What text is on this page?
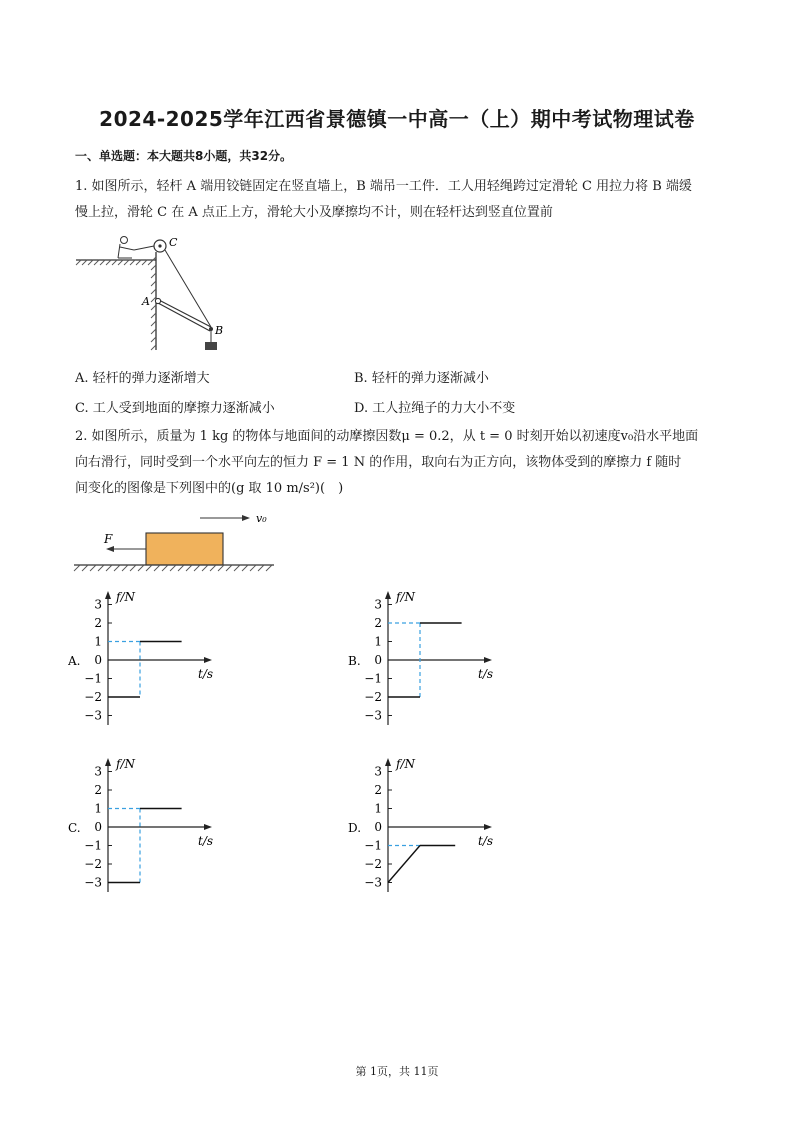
2024-2025学年江西省景德镇一中高一（上）期中考试物理试卷
一、单选题：本大题共8小题，共32分。
1. 如图所示，轻杆 A 端用铰链固定在竖直墙上，B 端吊一工件．工人用轻绳跨过定滑轮 C 用拉力将 B 端缓
慢上拉，滑轮 C 在 A 点正上方，滑轮大小及摩擦均不计，则在轻杆达到竖直位置前
C
A
B
A. 轻杆的弹力逐渐增大	B. 轻杆的弹力逐渐减小
C. 工人受到地面的摩擦力逐渐减小	D. 工人拉绳子的力大小不变
2. 如图所示，质量为 1 kg 的物体与地面间的动摩擦因数μ = 0.2，从 t = 0 时刻开始以初速度v₀沿水平地面
向右滑行，同时受到一个水平向左的恒力 F = 1 N 的作用，取向右为正方向，该物体受到的摩擦力 f 随时
间变化的图像是下列图中的(g 取 10 m/s²)(　)
v₀
F
A.
f/N
t/s
3
2
1
0
−1
−2
−3
B.
f/N
t/s
3
2
1
0
−1
−2
−3
C.
f/N
t/s
3
2
1
0
−1
−2
−3
D.
f/N
t/s
3
2
1
0
−1
−2
−3
第 1页，共 11页
